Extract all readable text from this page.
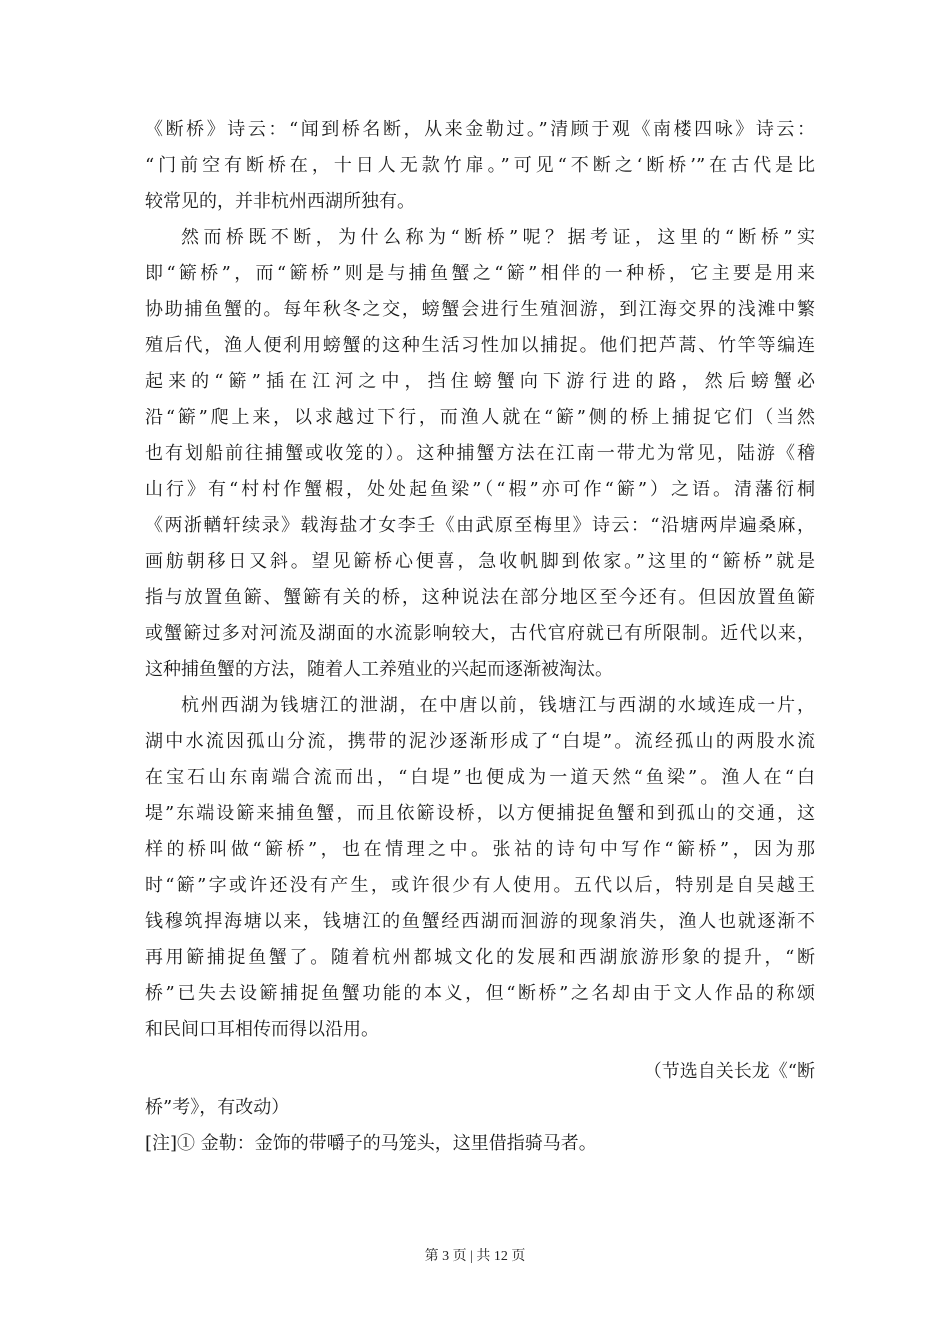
《断桥》诗云：“闻到桥名断，从来金勒过。”清顾于观《南楼四咏》诗云：
“门前空有断桥在，十日人无款竹扉。”可见“不断之‘断桥’”在古代是比
较常见的，并非杭州西湖所独有。
然而桥既不断，为什么称为“断桥”呢？据考证，这里的“断桥”实
即“簖桥”，而“簖桥”则是与捕鱼蟹之“簖”相伴的一种桥，它主要是用来
协助捕鱼蟹的。每年秋冬之交，螃蟹会进行生殖洄游，到江海交界的浅滩中繁
殖后代，渔人便利用螃蟹的这种生活习性加以捕捉。他们把芦蒿、竹竿等编连
起来的“簖”插在江河之中，挡住螃蟹向下游行进的路，然后螃蟹必
沿“簖”爬上来，以求越过下行，而渔人就在“簖”侧的桥上捕捉它们（当然
也有划船前往捕蟹或收笼的）。这种捕蟹方法在江南一带尤为常见，陆游《稽
山行》有“村村作蟹椵，处处起鱼梁”（“椵”亦可作“簖”）之语。清藩衍桐
《两浙輶轩续录》载海盐才女李壬《由武原至梅里》诗云：“沿塘两岸遍桑麻，
画舫朝移日又斜。望见簖桥心便喜，急收帆脚到侬家。”这里的“簖桥”就是
指与放置鱼簖、蟹簖有关的桥，这种说法在部分地区至今还有。但因放置鱼簖
或蟹簖过多对河流及湖面的水流影响较大，古代官府就已有所限制。近代以来，
这种捕鱼蟹的方法，随着人工养殖业的兴起而逐渐被淘汰。
杭州西湖为钱塘江的泄湖，在中唐以前，钱塘江与西湖的水域连成一片，
湖中水流因孤山分流，携带的泥沙逐渐形成了“白堤”。流经孤山的两股水流
在宝石山东南端合流而出，“白堤”也便成为一道天然“鱼梁”。渔人在“白
堤”东端设簖来捕鱼蟹，而且依簖设桥，以方便捕捉鱼蟹和到孤山的交通，这
样的桥叫做“簖桥”，也在情理之中。张祜的诗句中写作“簖桥”，因为那
时“簖”字或许还没有产生，或许很少有人使用。五代以后，特别是自吴越王
钱穆筑捍海塘以来，钱塘江的鱼蟹经西湖而洄游的现象消失，渔人也就逐渐不
再用簖捕捉鱼蟹了。随着杭州都城文化的发展和西湖旅游形象的提升，“断
桥”已失去设簖捕捉鱼蟹功能的本义，但“断桥”之名却由于文人作品的称颂
和民间口耳相传而得以沿用。
（节选自关长龙《“断
桥”考》，有改动）
[注]① 金勒：金饰的带嚼子的马笼头，这里借指骑马者。
第 3 页 | 共 12 页
